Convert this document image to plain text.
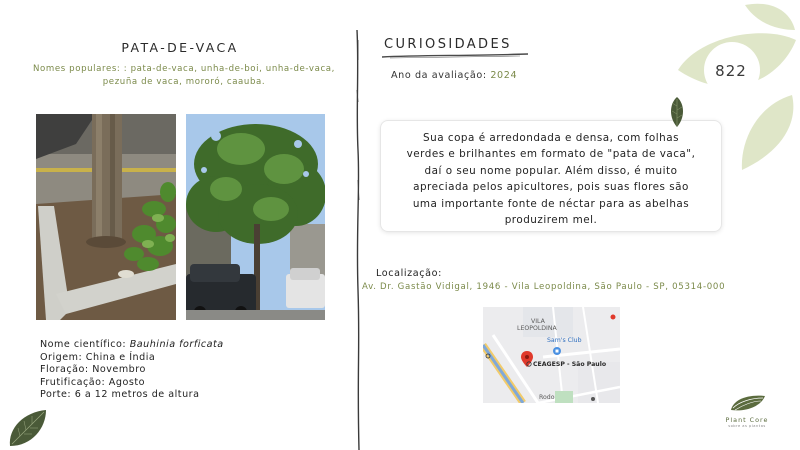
PATA-DE-VACA
Nomes populares: : pata-de-vaca, unha-de-boi, unha-de-vaca, pezuña de vaca, mororó, caauba.
Nome científico: Bauhinia forficata
Origem: China e Índia
Floração: Novembro
Frutificação: Agosto
Porte: 6 a 12 metros de altura
CURIOSIDADES
Ano da avaliação: 2024
Sua copa é arredondada e densa, com folhas verdes e brilhantes em formato de "pata de vaca", daí o seu nome popular. Além disso, é muito apreciada pelos apicultores, pois suas flores são uma importante fonte de néctar para as abelhas produzirem mel.
Localização:
Av. Dr. Gastão Vidigal, 1946 - Vila Leopoldina, São Paulo - SP, 05314-000
VILA
LEOPOLDINA
Sam's Club
CEAGESP - São Paulo
Rodo
822
Plant Core
sobre as plantas
